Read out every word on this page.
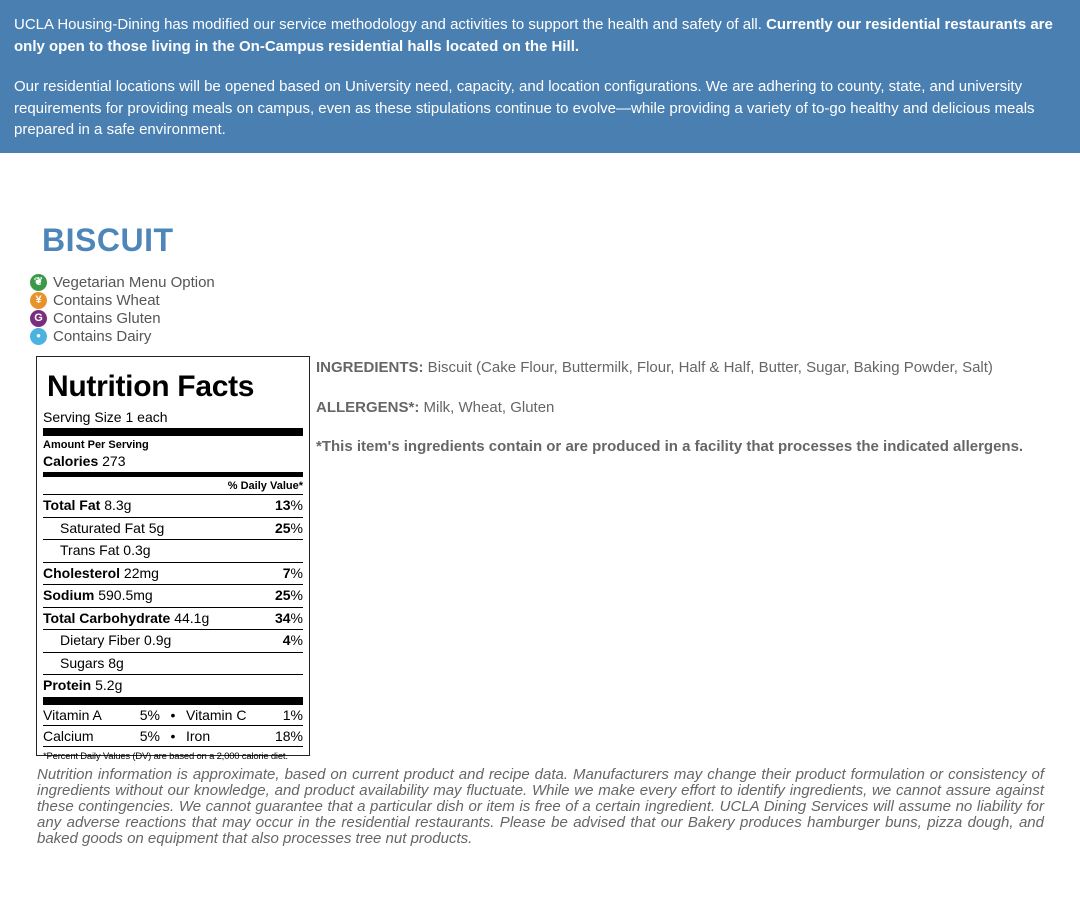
UCLA Housing-Dining has modified our service methodology and activities to support the health and safety of all. Currently our residential restaurants are only open to those living in the On-Campus residential halls located on the Hill.

Our residential locations will be opened based on University need, capacity, and location configurations. We are adhering to county, state, and university requirements for providing meals on campus, even as these stipulations continue to evolve—while providing a variety of to-go healthy and delicious meals prepared in a safe environment.

BISCUIT
❦ Vegetarian Menu Option
¥ Contains Wheat
G Contains Gluten
● Contains Dairy
Nutrition Facts
Serving Size 1 each
Amount Per Serving
Calories 273
% Daily Value*
Total Fat 8.3g	13%
Saturated Fat 5g	25%
Trans Fat 0.3g
Cholesterol 22mg	7%
Sodium 590.5mg	25%
Total Carbohydrate 44.1g	34%
Dietary Fiber 0.9g	4%
Sugars 8g
Protein 5.2g
Vitamin A	5% • Vitamin C	1%
Calcium	5% • Iron	18%
*Percent Daily Values (DV) are based on a 2,000 calorie diet.

INGREDIENTS: Biscuit (Cake Flour, Buttermilk, Flour, Half & Half, Butter, Sugar, Baking Powder, Salt)

ALLERGENS*: Milk, Wheat, Gluten

*This item's ingredients contain or are produced in a facility that processes the indicated allergens.

Nutrition information is approximate, based on current product and recipe data. Manufacturers may change their product formulation or consistency of ingredients without our knowledge, and product availability may fluctuate. While we make every effort to identify ingredients, we cannot assure against these contingencies. We cannot guarantee that a particular dish or item is free of a certain ingredient. UCLA Dining Services will assume no liability for any adverse reactions that may occur in the residential restaurants. Please be advised that our Bakery produces hamburger buns, pizza dough, and baked goods on equipment that also processes tree nut products.
